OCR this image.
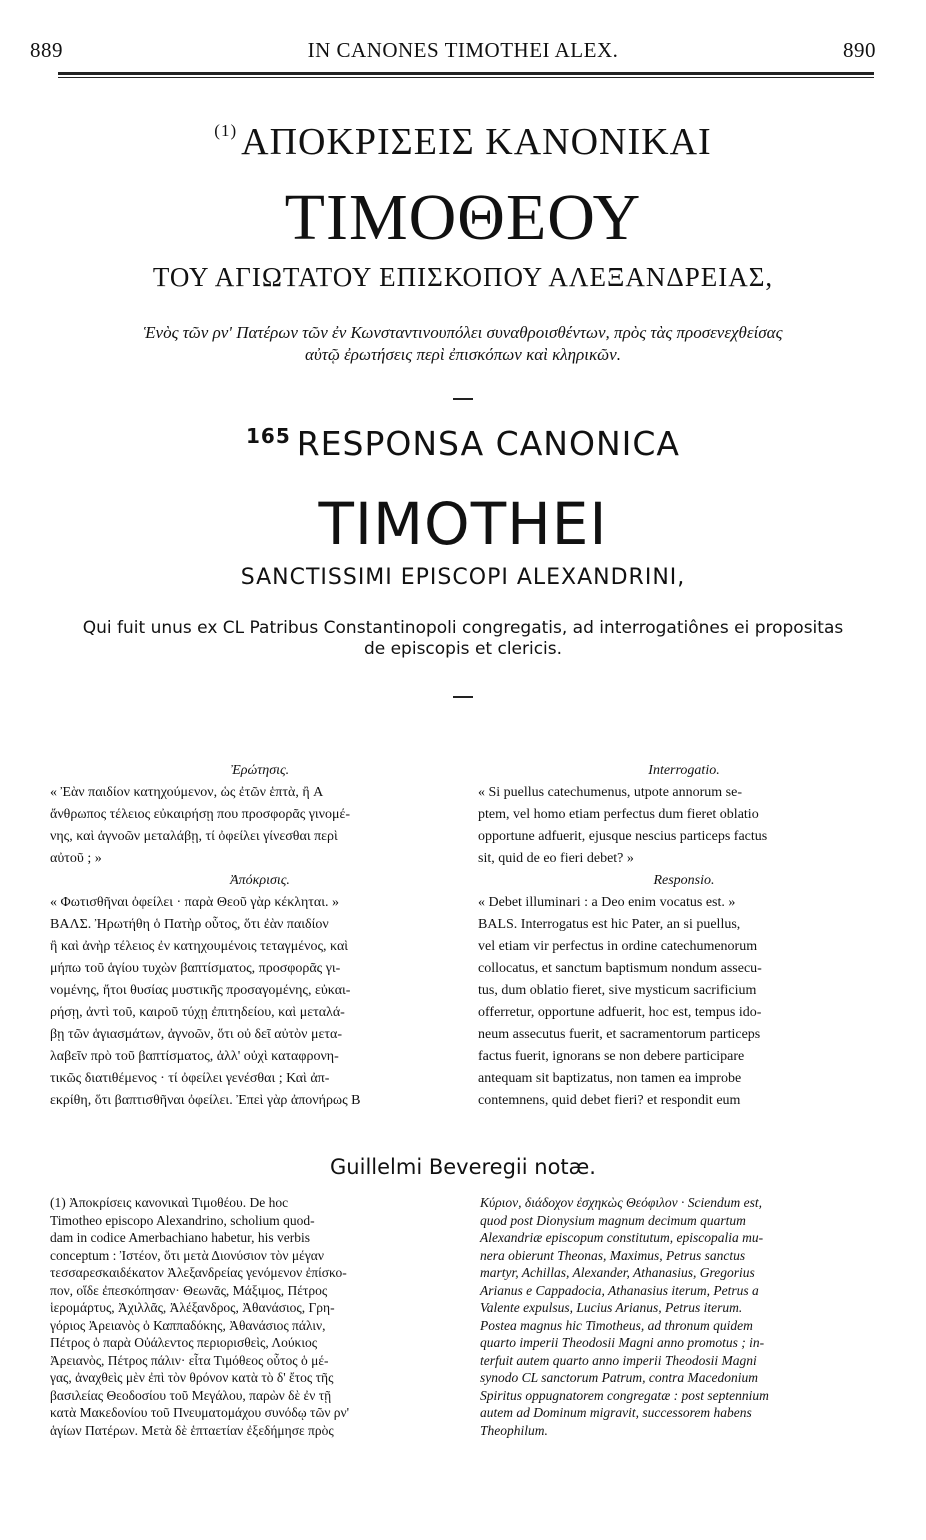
889	IN CANONES TIMOTHEI ALEX.	890
$^{(1)}$ ΑΠΟΚΡΙΣΕΙΣ ΚΑΝΟΝΙΚΑΙ
ΤΙΜΟΘΕΟΥ
ΤΟΥ ΑΓΙΩΤΑΤΟΥ ΕΠΙΣΚΟΠΟΥ ΑΛΕΞΑΝΔΡΕΙΑΣ,
Ἑνὸς τῶν ρν' Πατέρων τῶν ἐν Κωνσταντινουπόλει συναθροισθέντων, πρὸς τὰς προσενεχθείσας
αὐτῷ ἐρωτήσεις περὶ ἐπισκόπων καὶ κληρικῶν.
$^{165}$ RESPONSA CANONICA
TIMOTHEI
SANCTISSIMI EPISCOPI ALEXANDRINI,
Qui fuit unus ex CL Patribus Constantinopoli congregatis, ad interrogatiônes ei propositas
de episcopis et clericis.
Ἐρώτησις.
« Ἐὰν παιδίον κατηχούμενον, ὡς ἐτῶν ἑπτὰ, ἢ A
ἄνθρωπος τέλειος εὐκαιρήσῃ που προσφορᾶς γινομέ-
νης, καὶ ἀγνοῶν μεταλάβῃ, τί ὀφείλει γίνεσθαι περὶ
αὐτοῦ ; »
Ἀπόκρισις.
« Φωτισθῆναι ὀφείλει · παρὰ Θεοῦ γὰρ κέκληται. »
ΒΑΛΣ. Ἠρωτήθη ὁ Πατὴρ οὗτος, ὅτι ἐὰν παιδίον
ἢ καὶ ἀνὴρ τέλειος ἐν κατηχουμένοις τεταγμένος, καὶ
μήπω τοῦ ἁγίου τυχὼν βαπτίσματος, προσφορᾶς γι-
νομένης, ἤτοι θυσίας μυστικῆς προσαγομένης, εὐκαι-
ρήσῃ, ἀντὶ τοῦ, καιροῦ τύχῃ ἐπιτηδείου, καὶ μεταλά-
βῃ τῶν ἁγιασμάτων, ἀγνοῶν, ὅτι οὐ δεῖ αὐτὸν μετα-
λαβεῖν πρὸ τοῦ βαπτίσματος, ἀλλ' οὐχὶ καταφρονη-
τικῶς διατιθέμενος · τί ὀφείλει γενέσθαι ; Καὶ ἀπ-
εκρίθη, ὅτι βαπτισθῆναι ὀφείλει. Ἐπεὶ γὰρ ἀπονήρως B
Interrogatio.
« Si puellus catechumenus, utpote annorum se-
ptem, vel homo etiam perfectus dum fieret oblatio
opportune adfuerit, ejusque nescius particeps factus
sit, quid de eo fieri debet? »
Responsio.
« Debet illuminari : a Deo enim vocatus est. »
BALS. Interrogatus est hic Pater, an si puellus,
vel etiam vir perfectus in ordine catechumenorum
collocatus, et sanctum baptismum nondum assecu-
tus, dum oblatio fieret, sive mysticum sacrificium
offerretur, opportune adfuerit, hoc est, tempus ido-
neum assecutus fuerit, et sacramentorum particeps
factus fuerit, ignorans se non debere participare
antequam sit baptizatus, non tamen ea improbe
contemnens, quid debet fieri? et respondit eum
Guillelmi Beveregii notæ.
(1) Ἀποκρίσεις κανονικαὶ Τιμοθέου. De hoc
Timotheo episcopo Alexandrino, scholium quod-
dam in codice Amerbachiano habetur, his verbis
conceptum : Ἰστέον, ὅτι μετὰ Διονύσιον τὸν μέγαν
τεσσαρεσκαιδέκατον Ἀλεξανδρείας γενόμενον ἐπίσκο-
πον, οἵδε ἐπεσκόπησαν· Θεωνᾶς, Μάξιμος, Πέτρος
ἱερομάρτυς, Ἀχιλλᾶς, Ἀλέξανδρος, Ἀθανάσιος, Γρη-
γόριος Ἀρειανὸς ὁ Καππαδόκης, Ἀθανάσιος πάλιν,
Πέτρος ὁ παρὰ Οὐάλεντος περιορισθεὶς, Λούκιος
Ἀρειανὸς, Πέτρος πάλιν· εἶτα Τιμόθεος οὗτος ὁ μέ-
γας, ἀναχθεὶς μὲν ἐπὶ τὸν θρόνον κατὰ τὸ δ' ἔτος τῆς
βασιλείας Θεοδοσίου τοῦ Μεγάλου, παρὼν δὲ ἐν τῇ
κατὰ Μακεδονίου τοῦ Πνευματομάχου συνόδῳ τῶν ρν'
ἁγίων Πατέρων. Μετὰ δὲ ἑπταετίαν ἐξεδήμησε πρὸς
Κύριον, διάδοχον ἐσχηκὼς Θεόφιλον · Sciendum est,
quod post Dionysium magnum decimum quartum
Alexandriæ episcopum constitutum, episcopalia mu-
nera obierunt Theonas, Maximus, Petrus sanctus
martyr, Achillas, Alexander, Athanasius, Gregorius
Arianus e Cappadocia, Athanasius iterum, Petrus a
Valente expulsus, Lucius Arianus, Petrus iterum.
Postea magnus hic Timotheus, ad thronum quidem
quarto imperii Theodosii Magni anno promotus ; in-
terfuit autem quarto anno imperii Theodosii Magni
synodo CL sanctorum Patrum, contra Macedonium
Spiritus oppugnatorem congregatæ : post septennium
autem ad Dominum migravit, successorem habens
Theophilum.
